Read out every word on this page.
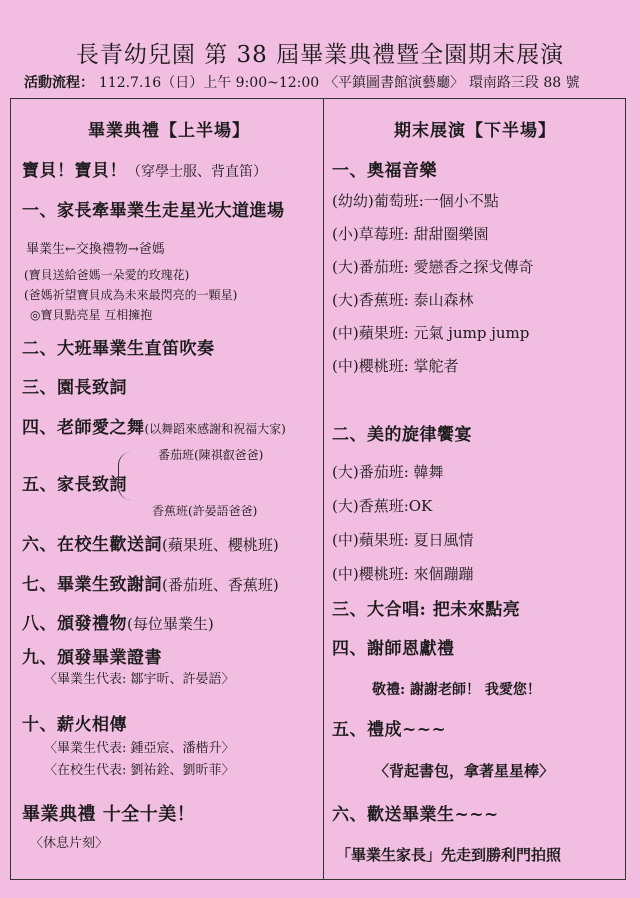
長青幼兒園 第 38 屆畢業典禮暨全園期末展演
活動流程： 112.7.16（日）上午 9:00~12:00 〈平鎮圖書館演藝廳〉 環南路三段 88 號
畢業典禮【上半場】
寶貝！寶貝！（穿學士服、背直笛）
一、家長牽畢業生走星光大道進場
畢業生←交換禮物→爸媽
(寶貝送給爸媽一朵愛的玫瑰花)
(爸媽祈望寶貝成為未來最閃亮的一顆星)
◎寶貝點亮星 互相擁抱
二、大班畢業生直笛吹奏
三、園長致詞
四、老師愛之舞(以舞蹈來感謝和祝福大家)
番茄班(陳祺叡爸爸)
五、家長致詞
香蕉班(許晏語爸爸)
六、在校生歡送詞(蘋果班、櫻桃班)
七、畢業生致謝詞(番茄班、香蕉班)
八、頒發禮物(每位畢業生)
九、頒發畢業證書
〈畢業生代表: 鄒宇昕、許晏語〉
十、薪火相傳
〈畢業生代表: 鍾亞宸、潘楷升〉
〈在校生代表: 劉祐銓、劉昕菲〉
畢業典禮 十全十美！
〈休息片刻〉
期末展演【下半場】
一、奧福音樂
(幼幼)葡萄班:一個小不點
(小)草莓班: 甜甜圈樂園
(大)番茄班: 愛戀香之探戈傳奇
(大)香蕉班: 泰山森林
(中)蘋果班: 元氣 jump jump
(中)櫻桃班: 掌舵者
二、美的旋律饗宴
(大)番茄班: 韓舞
(大)香蕉班:OK
(中)蘋果班: 夏日風情
(中)櫻桃班: 來個蹦蹦
三、大合唱: 把未來點亮
四、謝師恩獻禮
敬禮: 謝謝老師！ 我愛您！
五、禮成~~~
〈背起書包，拿著星星棒〉
六、歡送畢業生~~~
「畢業生家長」先走到勝利門拍照
